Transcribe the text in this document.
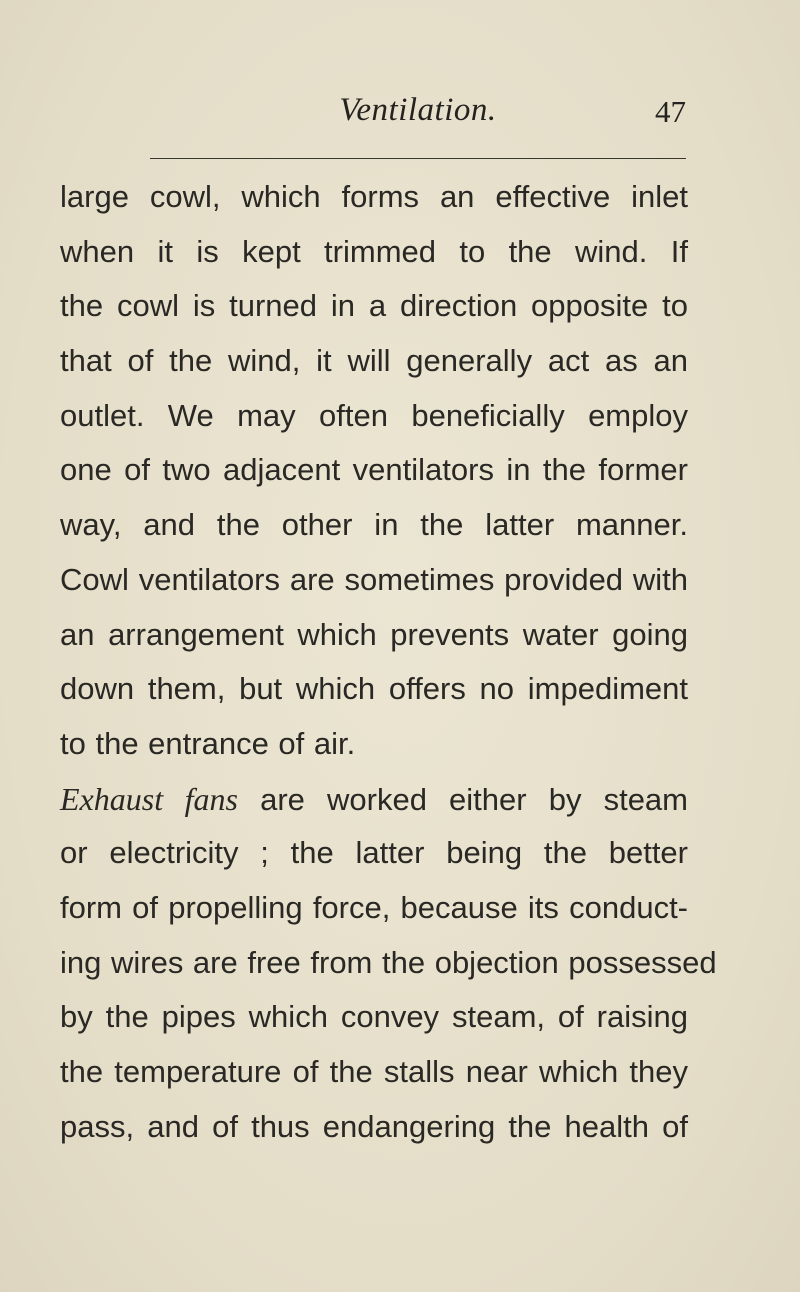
Ventilation.	47
large cowl, which forms an effective inlet
when it is kept trimmed to the wind. If
the cowl is turned in a direction opposite to
that of the wind, it will generally act as an
outlet. We may often beneficially employ
one of two adjacent ventilators in the former
way, and the other in the latter manner.
Cowl ventilators are sometimes provided with
an arrangement which prevents water going
down them, but which offers no impediment
to the entrance of air.
Exhaust fans are worked either by steam
or electricity ; the latter being the better
form of propelling force, because its conduct-
ing wires are free from the objection possessed
by the pipes which convey steam, of raising
the temperature of the stalls near which they
pass, and of thus endangering the health of
